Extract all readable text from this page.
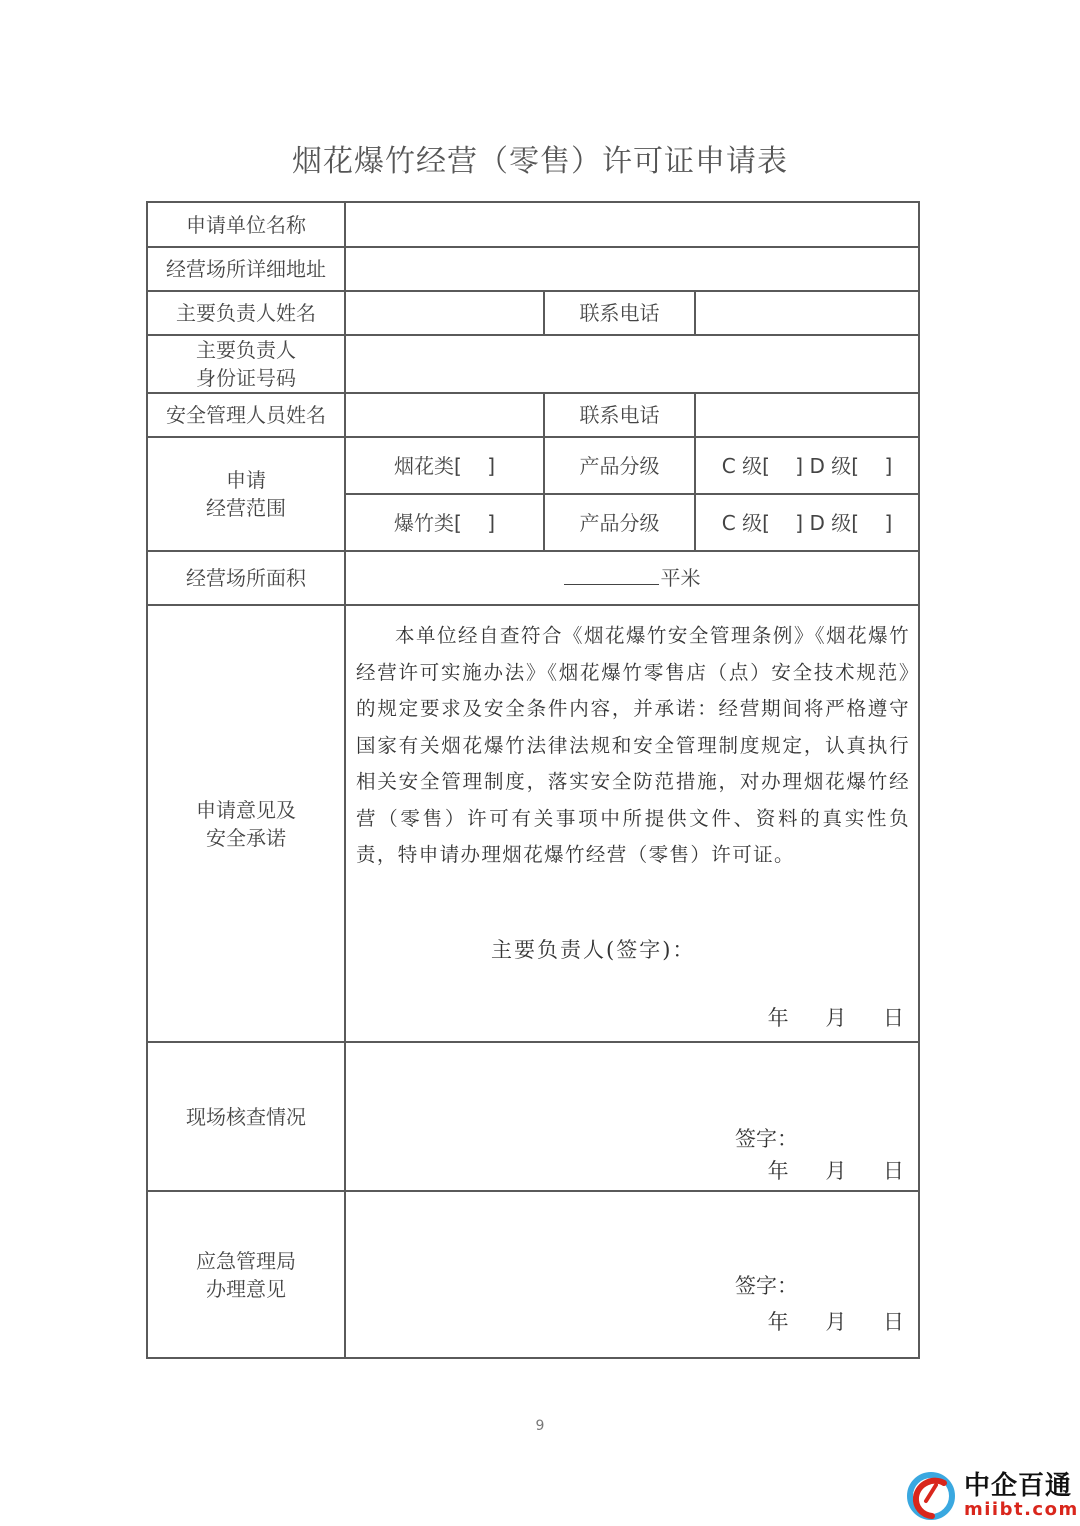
烟花爆竹经营（零售）许可证申请表
申请单位名称			
经营场所详细地址			
主要负责人姓名		联系电话	

主要负责人
身份证号码			

安全管理人员姓名		联系电话	

申请
经营范围	烟花类[    ]	产品分级	C 级[    ] D 级[    ]
	爆竹类[    ]	产品分级	C 级[    ] D 级[    ]
经营场所面积	平米		

申请意见及
安全承诺

本单位经自查符合《烟花爆竹安全管理条例》《烟花爆竹经营许可实施办法》《烟花爆竹零售店（点）安全技术规范》的规定要求及安全条件内容，并承诺：经营期间将严格遵守国家有关烟花爆竹法律法规和安全管理制度规定，认真执行相关安全管理制度，落实安全防范措施，对办理烟花爆竹经营（零售）许可有关事项中所提供文件、资料的真实性负责，特申请办理烟花爆竹经营（零售）许可证。
主要负责人(签字)：
年 月 日

现场核查情况	签字：
年 月 日		

应急管理局
办理意见	签字：
年 月 日
9
中企百通
miibt.com
